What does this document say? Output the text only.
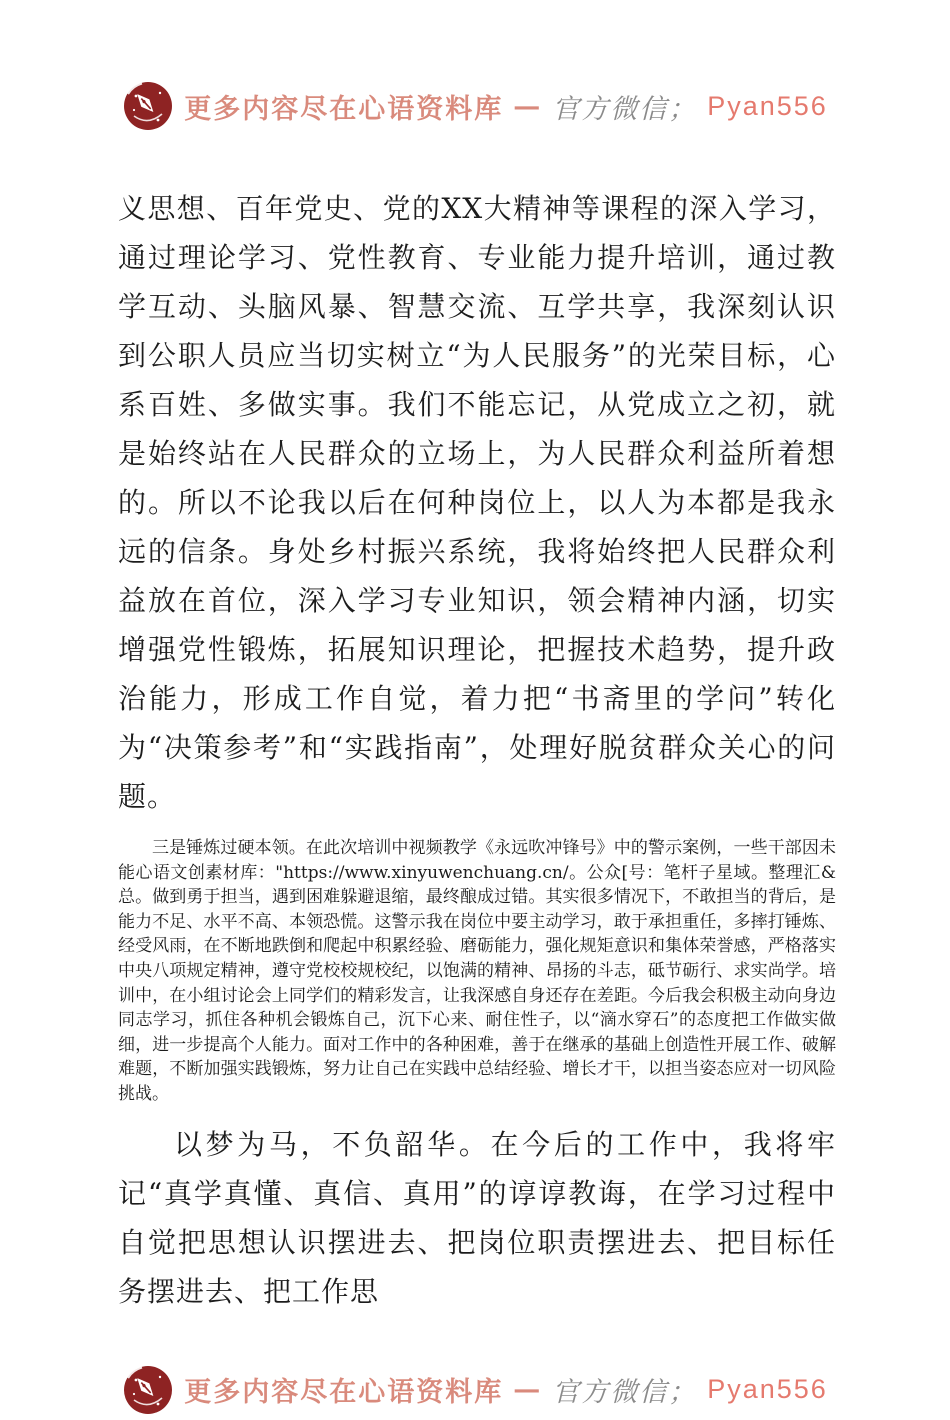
更多内容尽在心语资料库 — 官方微信； Pyan556

义思想、百年党史、党的XX大精神等课程的深入学习，通过理论学习、党性教育、专业能力提升培训，通过教学互动、头脑风暴、智慧交流、互学共享，我深刻认识到公职人员应当切实树立“为人民服务”的光荣目标，心系百姓、多做实事。我们不能忘记，从党成立之初，就是始终站在人民群众的立场上，为人民群众利益所着想的。所以不论我以后在何种岗位上，以人为本都是我永远的信条。身处乡村振兴系统，我将始终把人民群众利益放在首位，深入学习专业知识，领会精神内涵，切实增强党性锻炼，拓展知识理论，把握技术趋势，提升政治能力，形成工作自觉，着力把“书斋里的学问”转化为“决策参考”和“实践指南”，处理好脱贫群众关心的问题。

三是锤炼过硬本领。在此次培训中视频教学《永远吹冲锋号》中的警示案例，一些干部因未能心语文创素材库："https://www.xinyuwenchuang.cn/。公众[号：笔杆子星域。整理汇&总。做到勇于担当，遇到困难躲避退缩，最终酿成过错。其实很多情况下，不敢担当的背后，是能力不足、水平不高、本领恐慌。这警示我在岗位中要主动学习，敢于承担重任，多摔打锤炼、经受风雨，在不断地跌倒和爬起中积累经验、磨砺能力，强化规矩意识和集体荣誉感，严格落实中央八项规定精神，遵守党校校规校纪，以饱满的精神、昂扬的斗志，砥节砺行、求实尚学。培训中，在小组讨论会上同学们的精彩发言，让我深感自身还存在差距。今后我会积极主动向身边同志学习，抓住各种机会锻炼自己，沉下心来、耐住性子，以“滴水穿石”的态度把工作做实做细，进一步提高个人能力。面对工作中的各种困难，善于在继承的基础上创造性开展工作、破解难题，不断加强实践锻炼，努力让自己在实践中总结经验、增长才干，以担当姿态应对一切风险挑战。

以梦为马，不负韶华。在今后的工作中，我将牢记“真学真懂、真信、真用”的谆谆教诲，在学习过程中自觉把思想认识摆进去、把岗位职责摆进去、把目标任务摆进去、把工作思

更多内容尽在心语资料库 — 官方微信； Pyan556
